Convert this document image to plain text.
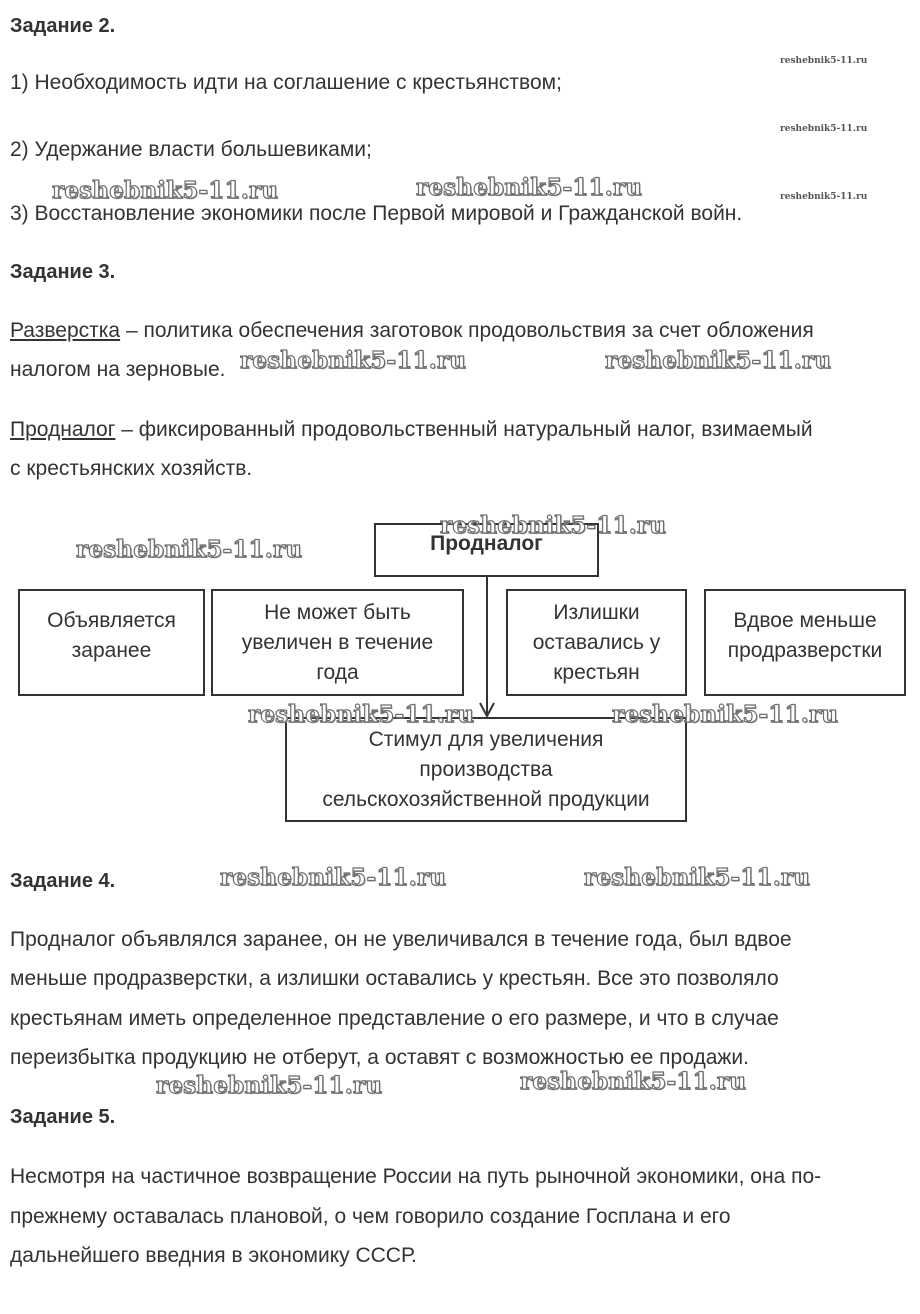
Задание 2.
1) Необходимость идти на соглашение с крестьянством;
2) Удержание власти большевиками;
3) Восстановление экономики после Первой мировой и Гражданской войн.
Задание 3.
Разверстка – политика обеспечения заготовок продовольствия за счет обложения
налогом на зерновые.
Продналог – фиксированный продовольственный натуральный налог, взимаемый
с крестьянских хозяйств.
Продналог
Объявляется
заранее
Не может быть
увеличен в течение
года
Излишки
оставались у
крестьян
Вдвое меньше
продразверстки
Стимул для увеличения
производства
сельскохозяйственной продукции
Задание 4.
Продналог объявлялся заранее, он не увеличивался в течение года, был вдвое
меньше продразверстки, а излишки оставались у крестьян. Все это позволяло
крестьянам иметь определенное представление о его размере, и что в случае
переизбытка продукцию не отберут, а оставят с возможностью ее продажи.
Задание 5.
Несмотря на частичное возвращение России на путь рыночной экономики, она по-
прежнему оставалась плановой, о чем говорило создание Госплана и его
дальнейшего введния в экономику СССР.
reshebnik5-11.ru
reshebnik5-11.ru
reshebnik5-11.ru
reshebnik5-11.ru	reshebnik5-11.ru
reshebnik5-11.ru	reshebnik5-11.ru
reshebnik5-11.ru
reshebnik5-11.ru
reshebnik5-11.ru	reshebnik5-11.ru
reshebnik5-11.ru	reshebnik5-11.ru
reshebnik5-11.ru	reshebnik5-11.ru
